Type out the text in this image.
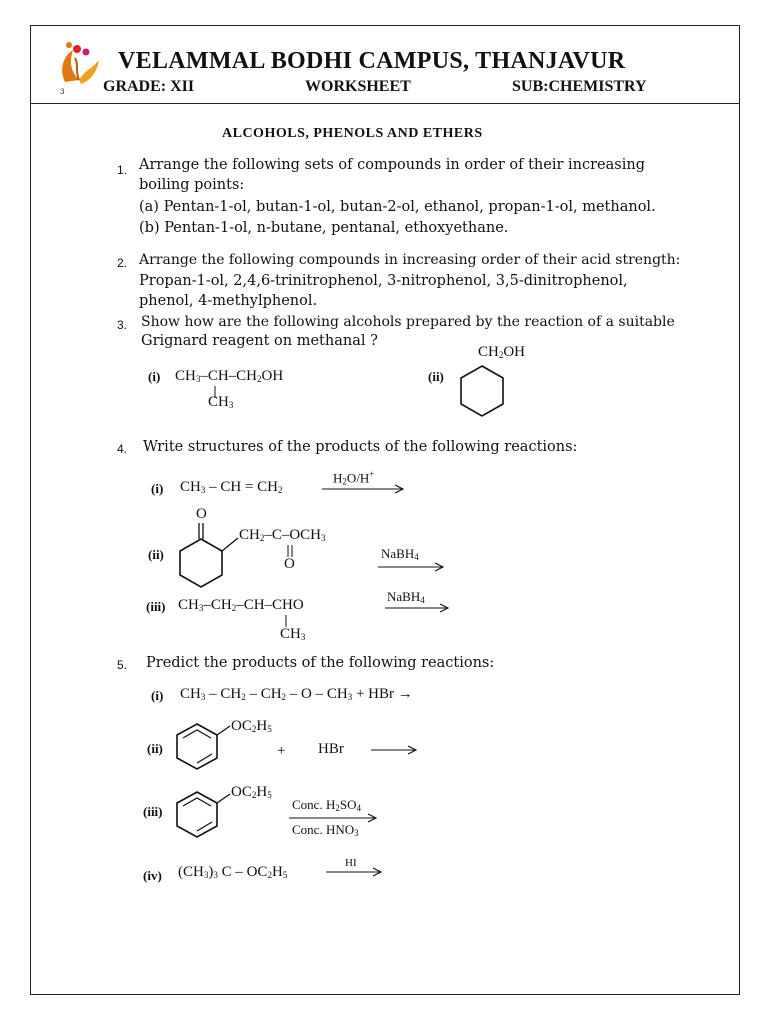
3
VELAMMAL BODHI CAMPUS, THANJAVUR
GRADE: XII	WORKSHEET	SUB:CHEMISTRY
ALCOHOLS, PHENOLS AND ETHERS
1. Arrange the following sets of compounds in order of their increasing
boiling points:
(a) Pentan-1-ol, butan-1-ol, butan-2-ol, ethanol, propan-1-ol, methanol.
(b) Pentan-1-ol, n-butane, pentanal, ethoxyethane.
2. Arrange the following compounds in increasing order of their acid strength:
Propan-1-ol, 2,4,6-trinitrophenol, 3-nitrophenol, 3,5-dinitrophenol,
phenol, 4-methylphenol.
3. Show how are the following alcohols prepared by the reaction of a suitable
Grignard reagent on methanal ?
(i) $CH_3-CH-CH_2OH$
$CH_3$
(ii)
$CH_2OH$
4. Write structures of the products of the following reactions:
(i) $CH_3$ – CH = $CH_2$
$H_2O/H^+$
(ii)
O
$CH_2-C-OCH_3$
O
NaBH$_4$
(iii) $CH_3-CH_2-CH$–CHO
$CH_3$
NaBH$_4$
5. Predict the products of the following reactions:
(i) $CH_3 - CH_2 - CH_2$ – O – $CH_3$ + HBr →
(ii)
$OC_2H_5$
+ HBr
(iii)
$OC_2H_5$
Conc. $H_2SO_4$
Conc. $HNO_3$
(iv) $(CH_3)_3$ C – $OC_2H_5$
HI
